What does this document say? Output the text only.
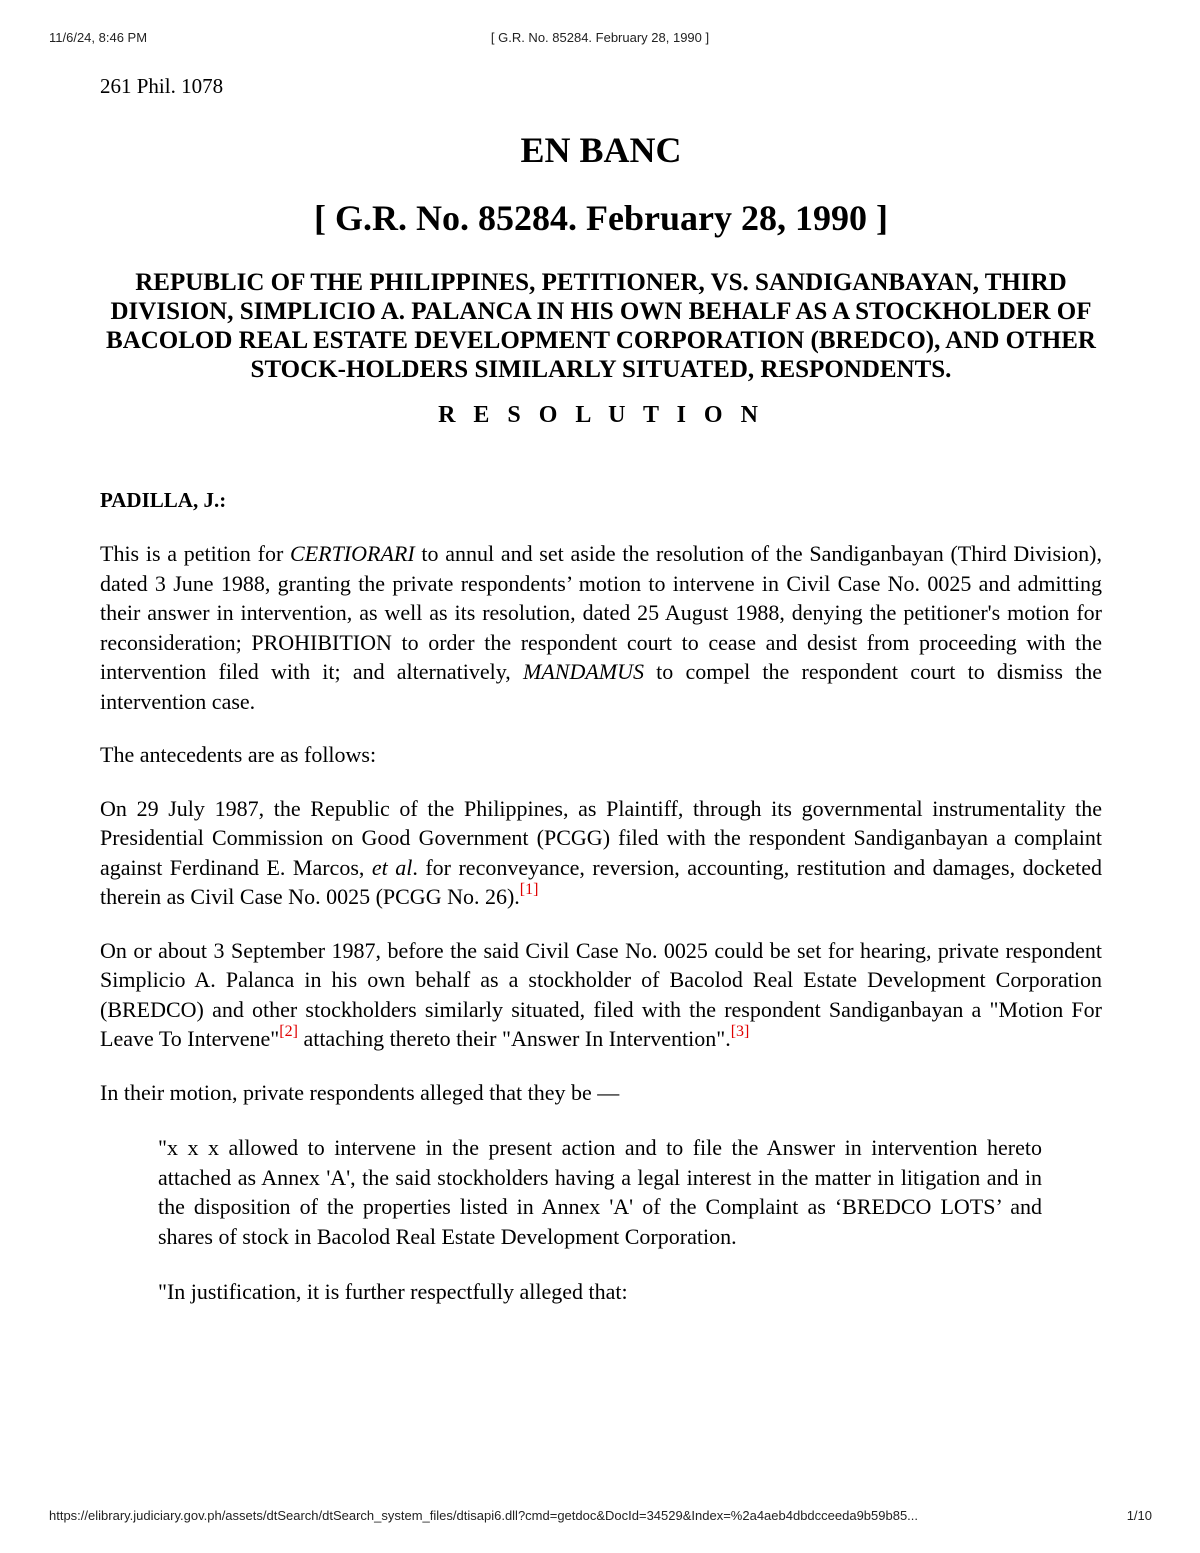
11/6/24, 8:46 PM	[ G.R. No. 85284. February 28, 1990 ]

261 Phil. 1078

EN BANC
[ G.R. No. 85284. February 28, 1990 ]
REPUBLIC OF THE PHILIPPINES, PETITIONER, VS. SANDIGANBAYAN, THIRD DIVISION, SIMPLICIO A. PALANCA IN HIS OWN BEHALF AS A STOCKHOLDER OF BACOLOD REAL ESTATE DEVELOPMENT CORPORATION (BREDCO), AND OTHER STOCK-HOLDERS SIMILARLY SITUATED, RESPONDENTS.
R E S O L U T I O N

PADILLA, J.:

This is a petition for CERTIORARI to annul and set aside the resolution of the Sandiganbayan (Third Division), dated 3 June 1988, granting the private respondents’ motion to intervene in Civil Case No. 0025 and admitting their answer in intervention, as well as its resolution, dated 25 August 1988, denying the petitioner's motion for reconsideration; PROHIBITION to order the respondent court to cease and desist from proceeding with the intervention filed with it; and alternatively, MANDAMUS to compel the respondent court to dismiss the intervention case.

The antecedents are as follows:

On 29 July 1987, the Republic of the Philippines, as Plaintiff, through its governmental instrumentality the Presidential Commission on Good Government (PCGG) filed with the respondent Sandiganbayan a complaint against Ferdinand E. Marcos, et al. for reconveyance, reversion, accounting, restitution and damages, docketed therein as Civil Case No. 0025 (PCGG No. 26).[1]

On or about 3 September 1987, before the said Civil Case No. 0025 could be set for hearing, private respondent Simplicio A. Palanca in his own behalf as a stockholder of Bacolod Real Estate Development Corporation (BREDCO) and other stockholders similarly situated, filed with the respondent Sandiganbayan a "Motion For Leave To Intervene"[2] attaching thereto their "Answer In Intervention".[3]

In their motion, private respondents alleged that they be —

"x x x allowed to intervene in the present action and to file the Answer in intervention hereto attached as Annex 'A', the said stockholders having a legal interest in the matter in litigation and in the disposition of the properties listed in Annex 'A' of the Complaint as ‘BREDCO LOTS’ and shares of stock in Bacolod Real Estate Development Corporation.

"In justification, it is further respectfully alleged that:

https://elibrary.judiciary.gov.ph/assets/dtSearch/dtSearch_system_files/dtisapi6.dll?cmd=getdoc&DocId=34529&Index=%2a4aeb4dbdcceeda9b59b85...	1/10
